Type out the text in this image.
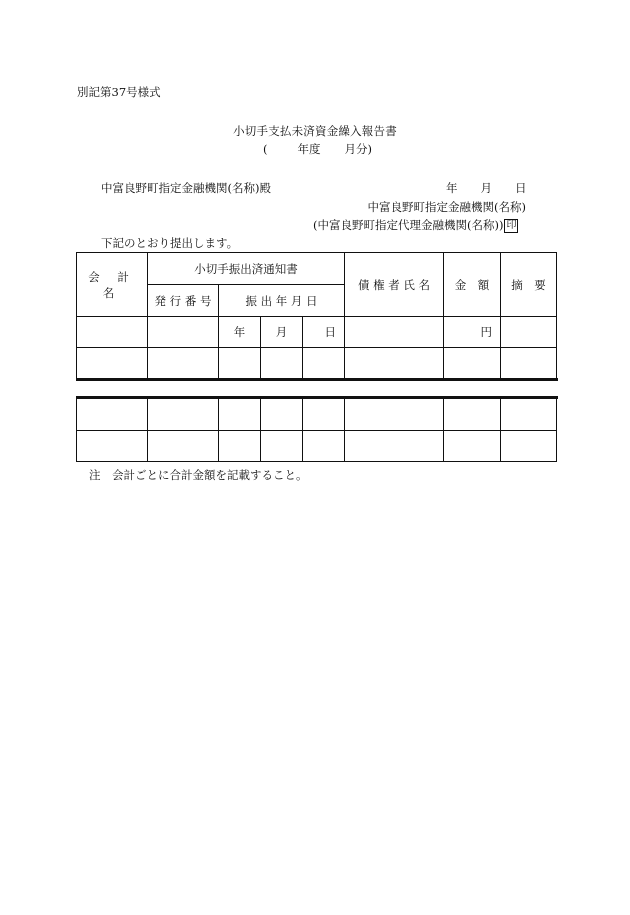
別記第37号様式
小切手支払未済資金繰入報告書
(	年度 月分)
中富良野町指定金融機関(名称)殿	年 月 日
中富良野町指定金融機関(名称)
(中富良野町指定代理金融機関(名称)) 印
下記のとおり提出します。
会 計 名	小切手振出済通知書				債 権 者 氏 名	金　額	摘　要
	発 行 番 号	振 出 年 月 日					
		年	月	日		円	

注　会計ごとに合計金額を記載すること。
